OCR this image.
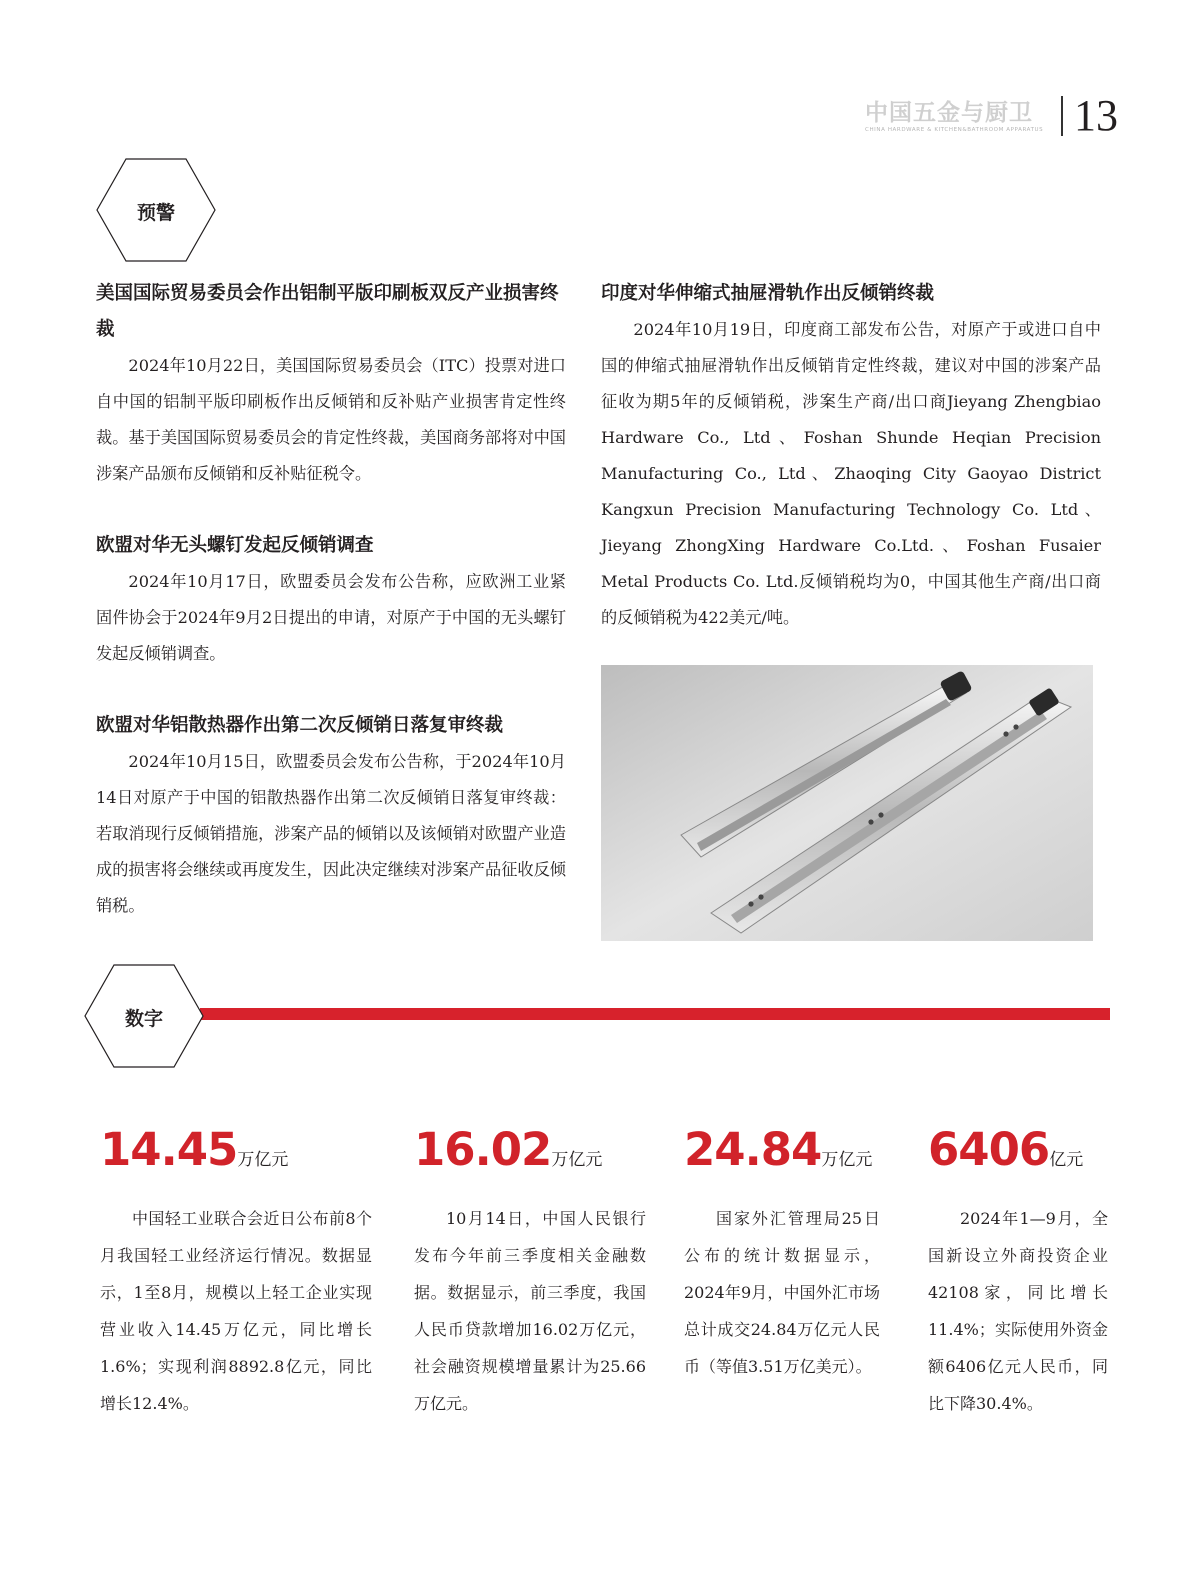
中国五金与厨卫
CHINA HARDWARE & KITCHEN&BATHROOM APPARATUS 13
预警

美国国际贸易委员会作出铝制平版印刷板双反产业损害终裁

2024年10月22日，美国国际贸易委员会（ITC）投票对进口自中国的铝制平版印刷板作出反倾销和反补贴产业损害肯定性终裁。基于美国国际贸易委员会的肯定性终裁，美国商务部将对中国涉案产品颁布反倾销和反补贴征税令。

欧盟对华无头螺钉发起反倾销调查

2024年10月17日，欧盟委员会发布公告称，应欧洲工业紧固件协会于2024年9月2日提出的申请，对原产于中国的无头螺钉发起反倾销调查。

欧盟对华铝散热器作出第二次反倾销日落复审终裁

2024年10月15日，欧盟委员会发布公告称，于2024年10月14日对原产于中国的铝散热器作出第二次反倾销日落复审终裁：若取消现行反倾销措施，涉案产品的倾销以及该倾销对欧盟产业造成的损害将会继续或再度发生，因此决定继续对涉案产品征收反倾销税。

印度对华伸缩式抽屉滑轨作出反倾销终裁

2024年10月19日，印度商工部发布公告，对原产于或进口自中国的伸缩式抽屉滑轨作出反倾销肯定性终裁，建议对中国的涉案产品征收为期5年的反倾销税，涉案生产商/出口商Jieyang Zhengbiao Hardware Co., Ltd、Foshan Shunde Heqian Precision Manufacturing Co., Ltd、Zhaoqing City Gaoyao District Kangxun Precision Manufacturing Technology Co. Ltd、Jieyang ZhongXing Hardware Co.Ltd.、Foshan Fusaier Metal Products Co. Ltd.反倾销税均为0，中国其他生产商/出口商的反倾销税为422美元/吨。

数字
14.45万亿元
中国轻工业联合会近日公布前8个月我国轻工业经济运行情况。数据显示，1至8月，规模以上轻工企业实现营业收入14.45万亿元，同比增长1.6%；实现利润8892.8亿元，同比增长12.4%。
16.02万亿元
10月14日，中国人民银行发布今年前三季度相关金融数据。数据显示，前三季度，我国人民币贷款增加16.02万亿元，社会融资规模增量累计为25.66万亿元。
24.84万亿元
国家外汇管理局25日公布的统计数据显示，2024年9月，中国外汇市场总计成交24.84万亿元人民币（等值3.51万亿美元）。
6406亿元
2024年1—9月，全国新设立外商投资企业42108家，同比增长11.4%；实际使用外资金额6406亿元人民币，同比下降30.4%。
